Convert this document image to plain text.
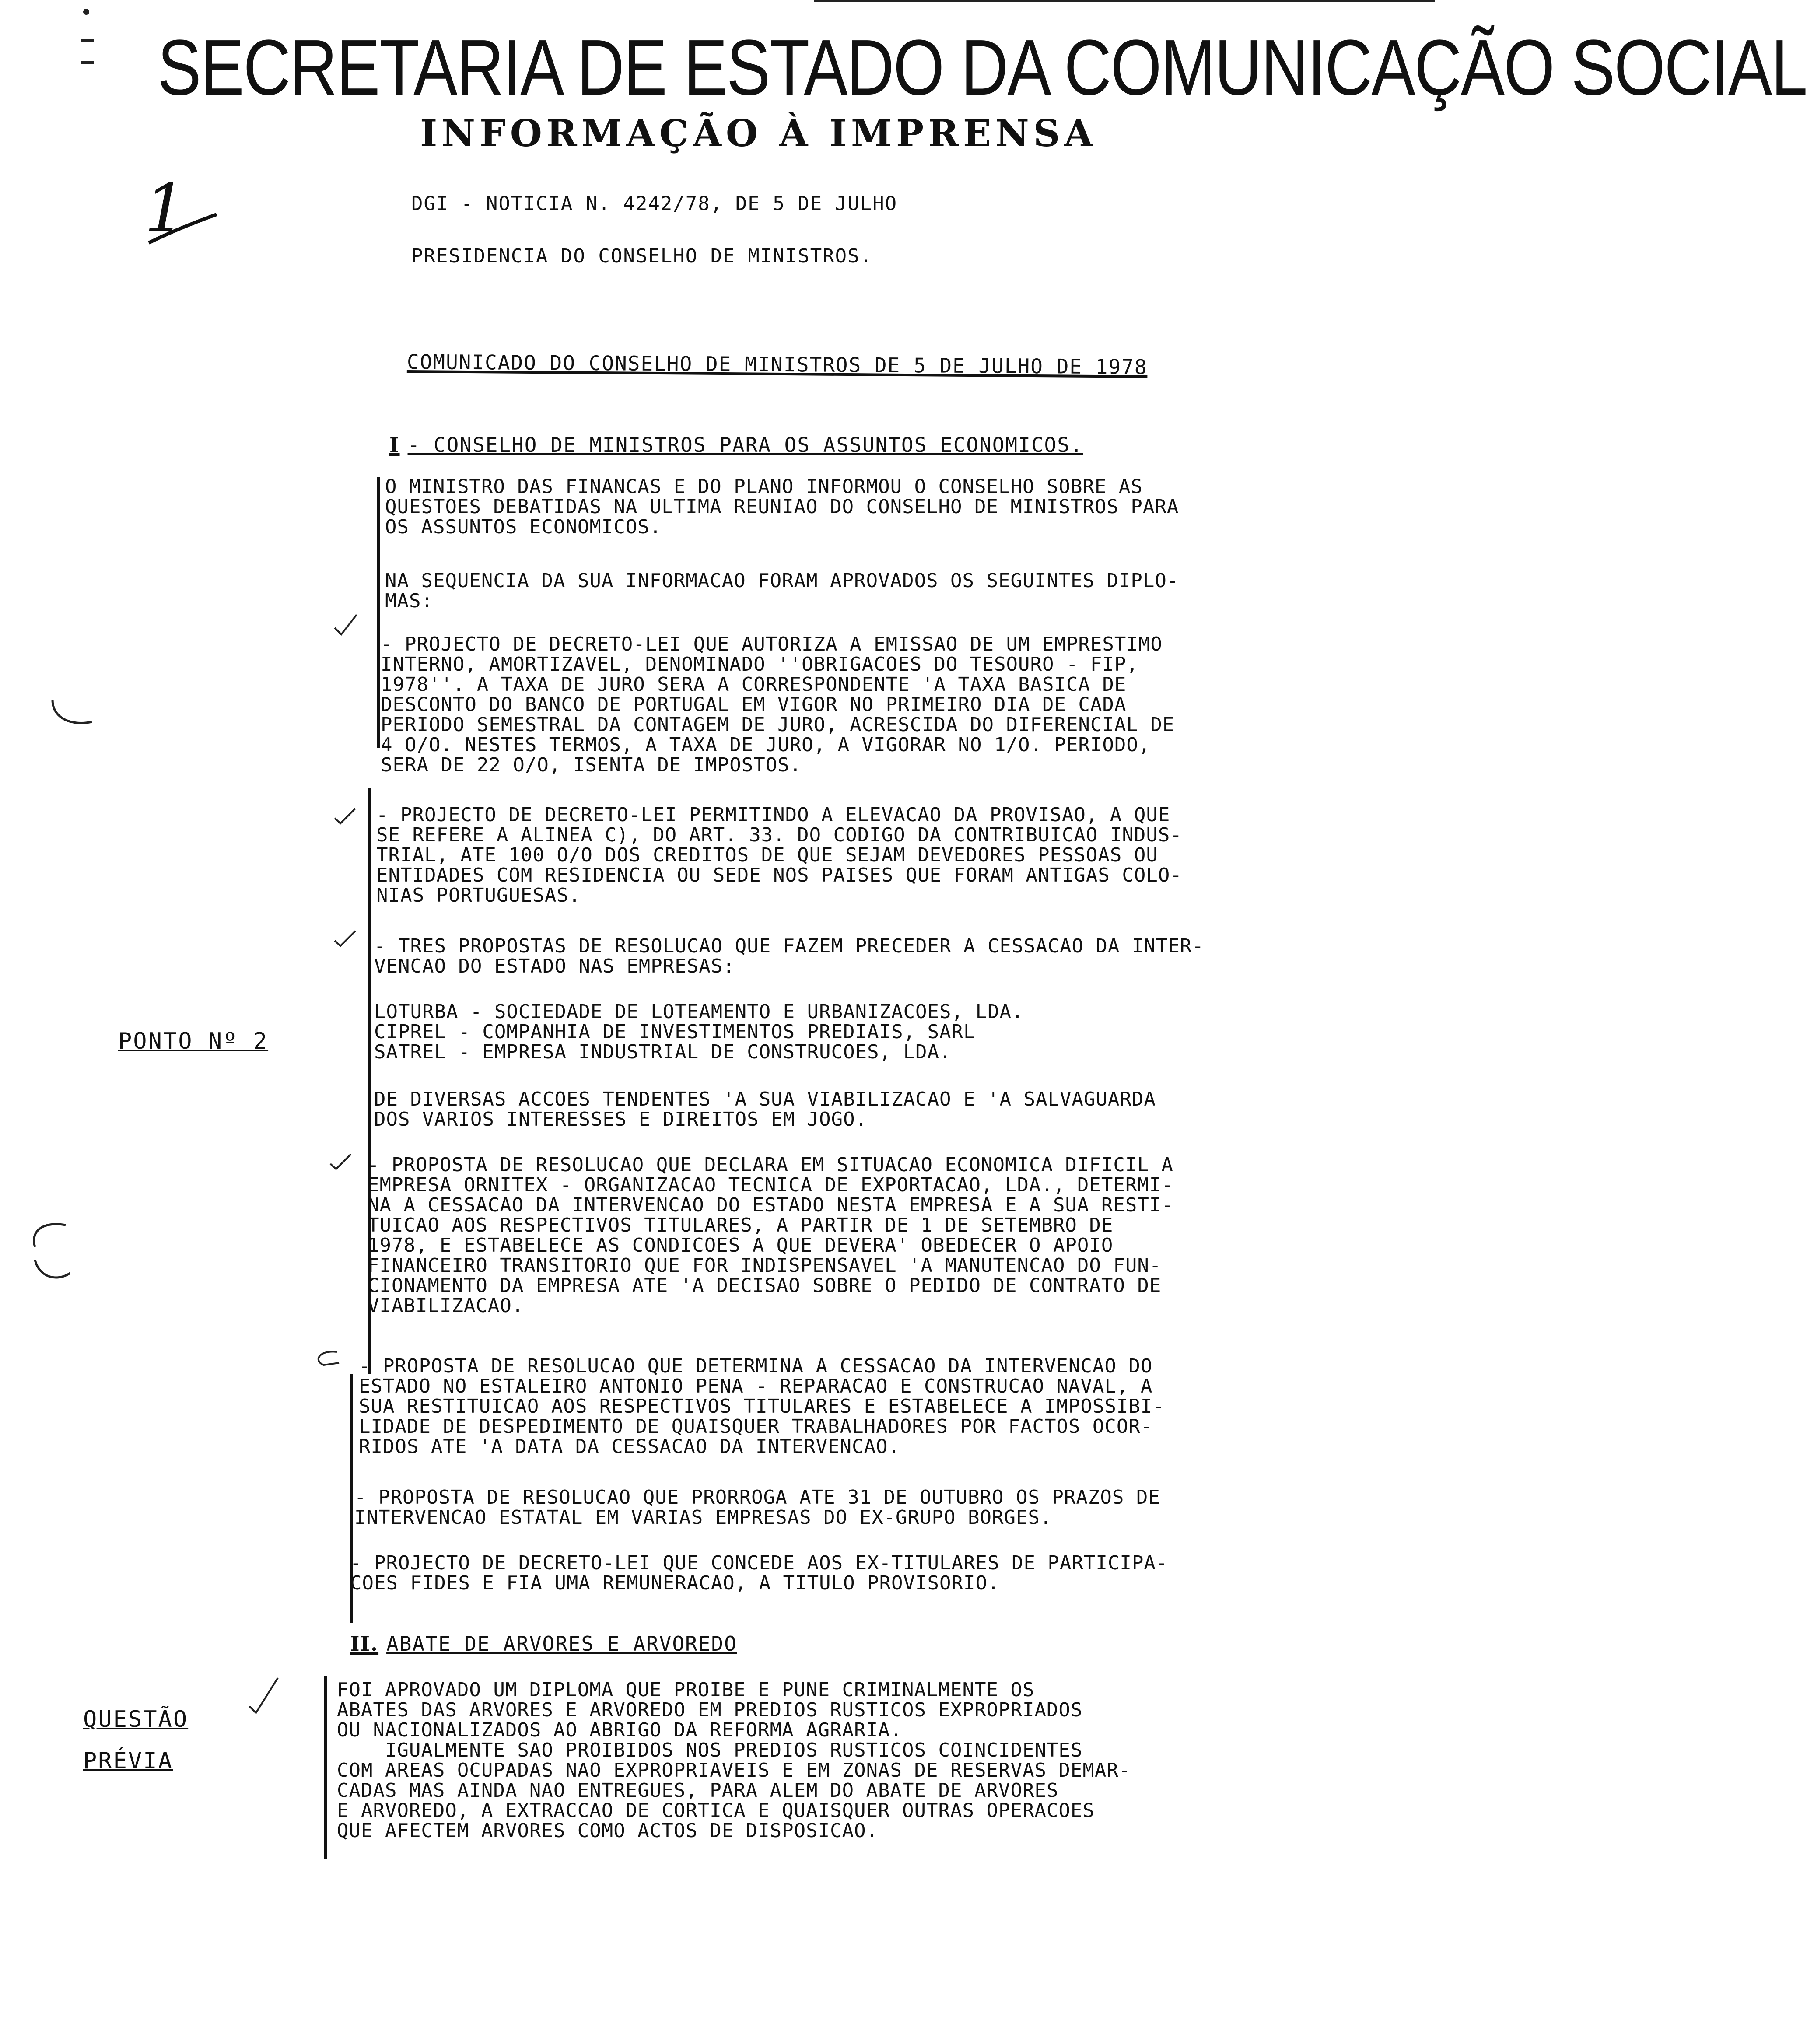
SECRETARIA DE ESTADO DA COMUNICAÇÃO SOCIAL
INFORMAÇÃO À IMPRENSA
DGI - NOTICIA N. 4242/78, DE 5 DE JULHO
PRESIDENCIA DO CONSELHO DE MINISTROS.
1
COMUNICADO DO CONSELHO DE MINISTROS DE 5 DE JULHO DE 1978
I - CONSELHO DE MINISTROS PARA OS ASSUNTOS ECONOMICOS.
O MINISTRO DAS FINANCAS E DO PLANO INFORMOU O CONSELHO SOBRE AS
QUESTOES DEBATIDAS NA ULTIMA REUNIAO DO CONSELHO DE MINISTROS PARA
OS ASSUNTOS ECONOMICOS.
NA SEQUENCIA DA SUA INFORMACAO FORAM APROVADOS OS SEGUINTES DIPLO-
MAS:
- PROJECTO DE DECRETO-LEI QUE AUTORIZA A EMISSAO DE UM EMPRESTIMO
INTERNO, AMORTIZAVEL, DENOMINADO ''OBRIGACOES DO TESOURO - FIP,
1978''. A TAXA DE JURO SERA A CORRESPONDENTE 'A TAXA BASICA DE
DESCONTO DO BANCO DE PORTUGAL EM VIGOR NO PRIMEIRO DIA DE CADA
PERIODO SEMESTRAL DA CONTAGEM DE JURO, ACRESCIDA DO DIFERENCIAL DE
4 O/O. NESTES TERMOS, A TAXA DE JURO, A VIGORAR NO 1/O. PERIODO,
SERA DE 22 O/O, ISENTA DE IMPOSTOS.
- PROJECTO DE DECRETO-LEI PERMITINDO A ELEVACAO DA PROVISAO, A QUE
SE REFERE A ALINEA C), DO ART. 33. DO CODIGO DA CONTRIBUICAO INDUS-
TRIAL, ATE 100 O/O DOS CREDITOS DE QUE SEJAM DEVEDORES PESSOAS OU
ENTIDADES COM RESIDENCIA OU SEDE NOS PAISES QUE FORAM ANTIGAS COLO-
NIAS PORTUGUESAS.
- TRES PROPOSTAS DE RESOLUCAO QUE FAZEM PRECEDER A CESSACAO DA INTER-
VENCAO DO ESTADO NAS EMPRESAS:
LOTURBA - SOCIEDADE DE LOTEAMENTO E URBANIZACOES, LDA.
CIPREL - COMPANHIA DE INVESTIMENTOS PREDIAIS, SARL
SATREL - EMPRESA INDUSTRIAL DE CONSTRUCOES, LDA.
DE DIVERSAS ACCOES TENDENTES 'A SUA VIABILIZACAO E 'A SALVAGUARDA
DOS VARIOS INTERESSES E DIREITOS EM JOGO.
- PROPOSTA DE RESOLUCAO QUE DECLARA EM SITUACAO ECONOMICA DIFICIL A
EMPRESA ORNITEX - ORGANIZACAO TECNICA DE EXPORTACAO, LDA., DETERMI-
NA A CESSACAO DA INTERVENCAO DO ESTADO NESTA EMPRESA E A SUA RESTI-
TUICAO AOS RESPECTIVOS TITULARES, A PARTIR DE 1 DE SETEMBRO DE
1978, E ESTABELECE AS CONDICOES A QUE DEVERA' OBEDECER O APOIO
FINANCEIRO TRANSITORIO QUE FOR INDISPENSAVEL 'A MANUTENCAO DO FUN-
CIONAMENTO DA EMPRESA ATE 'A DECISAO SOBRE O PEDIDO DE CONTRATO DE
VIABILIZACAO.
- PROPOSTA DE RESOLUCAO QUE DETERMINA A CESSACAO DA INTERVENCAO DO
ESTADO NO ESTALEIRO ANTONIO PENA - REPARACAO E CONSTRUCAO NAVAL, A
SUA RESTITUICAO AOS RESPECTIVOS TITULARES E ESTABELECE A IMPOSSIBI-
LIDADE DE DESPEDIMENTO DE QUAISQUER TRABALHADORES POR FACTOS OCOR-
RIDOS ATE 'A DATA DA CESSACAO DA INTERVENCAO.
- PROPOSTA DE RESOLUCAO QUE PRORROGA ATE 31 DE OUTUBRO OS PRAZOS DE
INTERVENCAO ESTATAL EM VARIAS EMPRESAS DO EX-GRUPO BORGES.
- PROJECTO DE DECRETO-LEI QUE CONCEDE AOS EX-TITULARES DE PARTICIPA-
COES FIDES E FIA UMA REMUNERACAO, A TITULO PROVISORIO.
II. ABATE DE ARVORES E ARVOREDO
FOI APROVADO UM DIPLOMA QUE PROIBE E PUNE CRIMINALMENTE OS
ABATES DAS ARVORES E ARVOREDO EM PREDIOS RUSTICOS EXPROPRIADOS
OU NACIONALIZADOS AO ABRIGO DA REFORMA AGRARIA.
IGUALMENTE SAO PROIBIDOS NOS PREDIOS RUSTICOS COINCIDENTES
COM AREAS OCUPADAS NAO EXPROPRIAVEIS E EM ZONAS DE RESERVAS DEMAR-
CADAS MAS AINDA NAO ENTREGUES, PARA ALEM DO ABATE DE ARVORES
E ARVOREDO, A EXTRACCAO DE CORTICA E QUAISQUER OUTRAS OPERACOES
QUE AFECTEM ARVORES COMO ACTOS DE DISPOSICAO.
PONTO Nº 2
QUESTÃO
PRÉVIA
